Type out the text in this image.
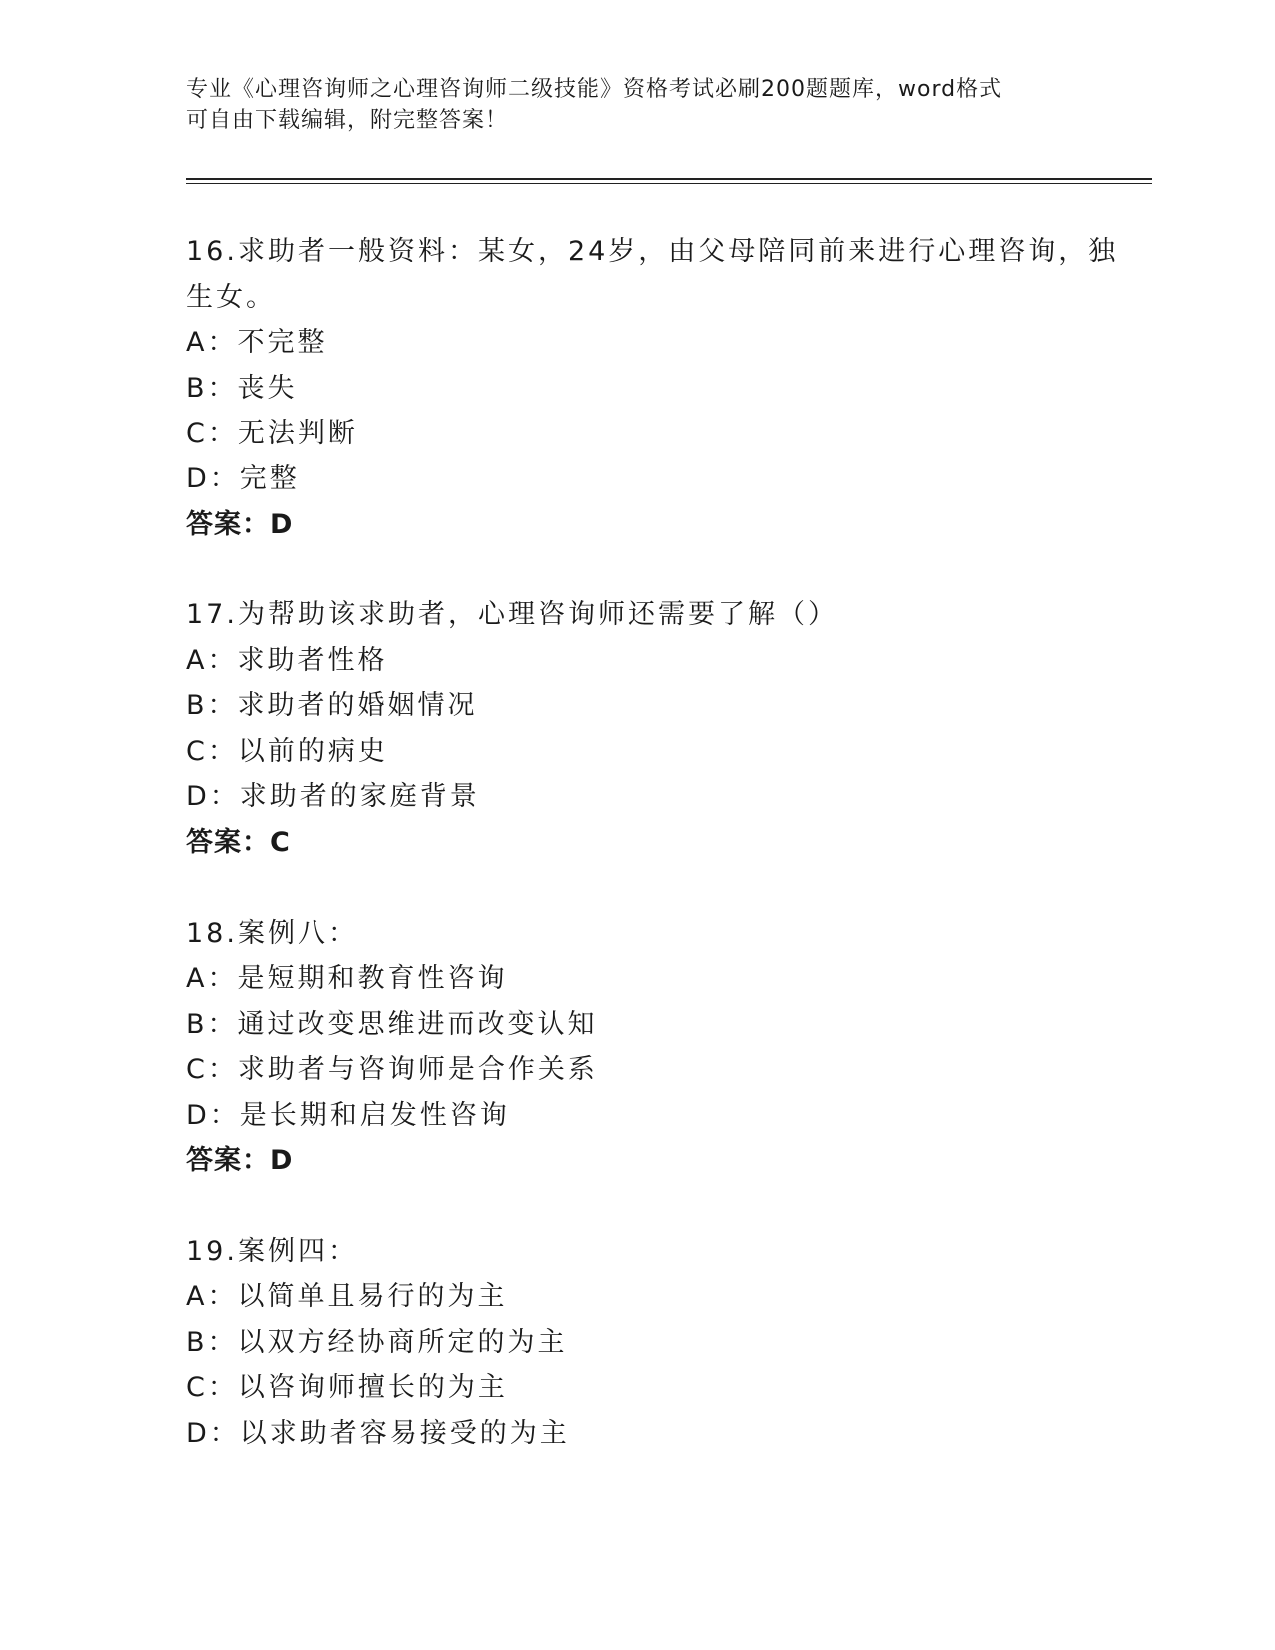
专业《心理咨询师之心理咨询师二级技能》资格考试必刷200题题库，word格式
可自由下载编辑，附完整答案！
16.求助者一般资料：某女，24岁，由父母陪同前来进行心理咨询，独
生女。
A：不完整
B：丧失
C：无法判断
D：完整
答案：D
17.为帮助该求助者，心理咨询师还需要了解（）
A：求助者性格
B：求助者的婚姻情况
C：以前的病史
D：求助者的家庭背景
答案：C
18.案例八：
A：是短期和教育性咨询
B：通过改变思维进而改变认知
C：求助者与咨询师是合作关系
D：是长期和启发性咨询
答案：D
19.案例四：
A：以简单且易行的为主
B：以双方经协商所定的为主
C：以咨询师擅长的为主
D：以求助者容易接受的为主
